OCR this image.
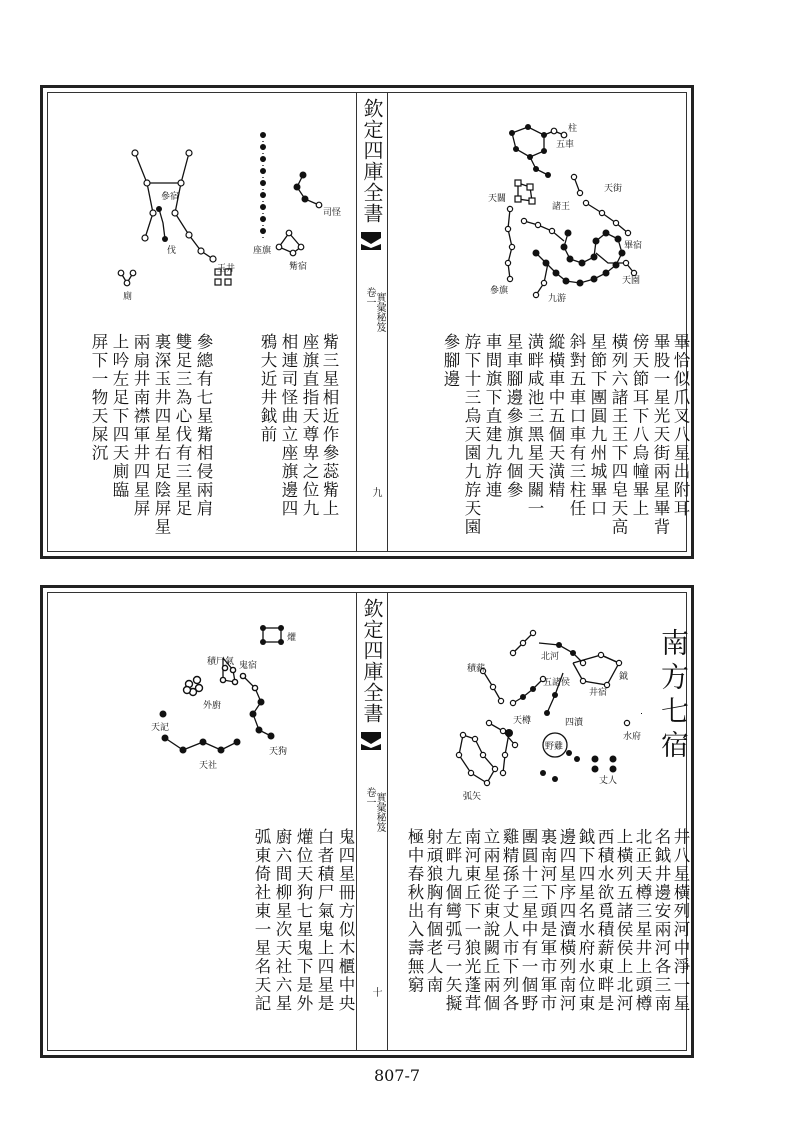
柱
五車
天街
天關
諸王
畢宿
參旗
九游
天園
參宿
伐
玉井
廁
座旗
觜宿
司怪 欽定四庫全書
卷一 實彙秘笈
九	畢恰似爪叉八星出附耳
畢股一星光天街兩星畢背
傍天節耳下八烏幢畢上
橫列六諸王王下四皂天高
星節下團圓九州城畢口
斜對五車口車有三柱任
縱橫車中五個天潢精
潢畔咸池三黑星天關一
星車腳邊參旗九個參
車間旗下直建九斿連
斿下十三烏天園九斿天園
參腳邊
觜三星相近作參蕊觜上
座旗直指天尊卑之位九
相連司怪曲立座旗邊四
鴉大近井鉞前
參總有七星觜相侵兩肩
雙足三為心伐有三星足
裏深玉井四星右足陰屏星
兩扇井南襟軍井四星屏
上吟左足下四天廁臨
屏下一物天屎沉
南方七宿
積薪
北河
五諸侯
鉞
井宿
水府
天樽	四瀆
野雞
丈人
弧矢
爟
積尸氣 鬼宿
外廚
天記
天狗
天社
欽定四庫全書
卷一 實彙秘笈
十	井八星橫列河中淨一星
名鉞井邊安兩河各三南
北正天樽三星井上頭樽
上橫列五諸侯侯上北河
西積水欲覓積薪東畔是
鉞下四星名水府水位東
邊四星序四瀆橫列南河
裏南河下頭是軍市軍市
團圓十三星中有一個野
雞精孫子丈人市下列各
立兩星從東說闕丘兩個
南河東丘下一狼光蓬茸
左畔九個彎弧弓一矢擬
射頑狼胸有個老人南
極中春秋出入壽無窮
鬼四星冊方似木櫃中央
白者積尸氣鬼上四星是
爟位天狗七星鬼下是外
廚六間柳星次天社六星
弧東倚社東一星名天記
807-7
